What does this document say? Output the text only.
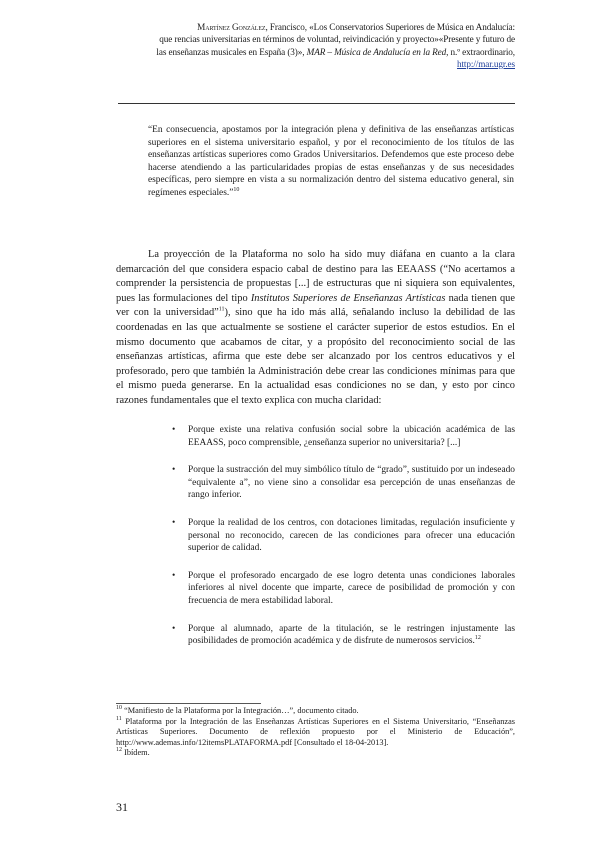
Martínez González, Francisco, «Los Conservatorios Superiores de Música en Andalucía:
que rencias universitarias en términos de voluntad, reivindicación y proyecto»«Presente y futuro de
las enseñanzas musicales en España (3)», MAR – Música de Andalucía en la Red, n.º extraordinario,
http://mar.ugr.es
“En consecuencia, apostamos por la integración plena y definitiva de las enseñanzas artísticas superiores en el sistema universitario español, y por el reconocimiento de los títulos de las enseñanzas artísticas superiores como Grados Universitarios. Defendemos que este proceso debe hacerse atendiendo a las particularidades propias de estas enseñanzas y de sus necesidades específicas, pero siempre en vista a su normalización dentro del sistema educativo general, sin regímenes especiales.”$^{10}$

La proyección de la Plataforma no solo ha sido muy diáfana en cuanto a la clara demarcación del que considera espacio cabal de destino para las EEAASS (“No acertamos a comprender la persistencia de propuestas [...] de estructuras que ni siquiera son equivalentes, pues las formulaciones del tipo Institutos Superiores de Enseñanzas Artísticas nada tienen que ver con la universidad”$^{11}$), sino que ha ido más allá, señalando incluso la debilidad de las coordenadas en las que actualmente se sostiene el carácter superior de estos estudios. En el mismo documento que acabamos de citar, y a propósito del reconocimiento social de las enseñanzas artísticas, afirma que este debe ser alcanzado por los centros educativos y el profesorado, pero que también la Administración debe crear las condiciones mínimas para que el mismo pueda generarse. En la actualidad esas condiciones no se dan, y esto por cinco razones fundamentales que el texto explica con mucha claridad:

• Porque existe una relativa confusión social sobre la ubicación académica de las EEAASS, poco comprensible, ¿enseñanza superior no universitaria? [...]
• Porque la sustracción del muy simbólico título de “grado”, sustituido por un indeseado “equivalente a”, no viene sino a consolidar esa percepción de unas enseñanzas de rango inferior.
• Porque la realidad de los centros, con dotaciones limitadas, regulación insuficiente y personal no reconocido, carecen de las condiciones para ofrecer una educación superior de calidad.
• Porque el profesorado encargado de ese logro detenta unas condiciones laborales inferiores al nivel docente que imparte, carece de posibilidad de promoción y con frecuencia de mera estabilidad laboral.
• Porque al alumnado, aparte de la titulación, se le restringen injustamente las posibilidades de promoción académica y de disfrute de numerosos servicios.$^{12}$

$^{10}$ “Manifiesto de la Plataforma por la Integración…”, documento citado.

$^{11}$ Plataforma por la Integración de las Enseñanzas Artísticas Superiores en el Sistema Universitario, “Enseñanzas Artísticas Superiores. Documento de reflexión propuesto por el Ministerio de Educación”, http://www.ademas.info/12itemsPLATAFORMA.pdf [Consultado el 18-04-2013].

$^{12}$ Ibídem.

31
